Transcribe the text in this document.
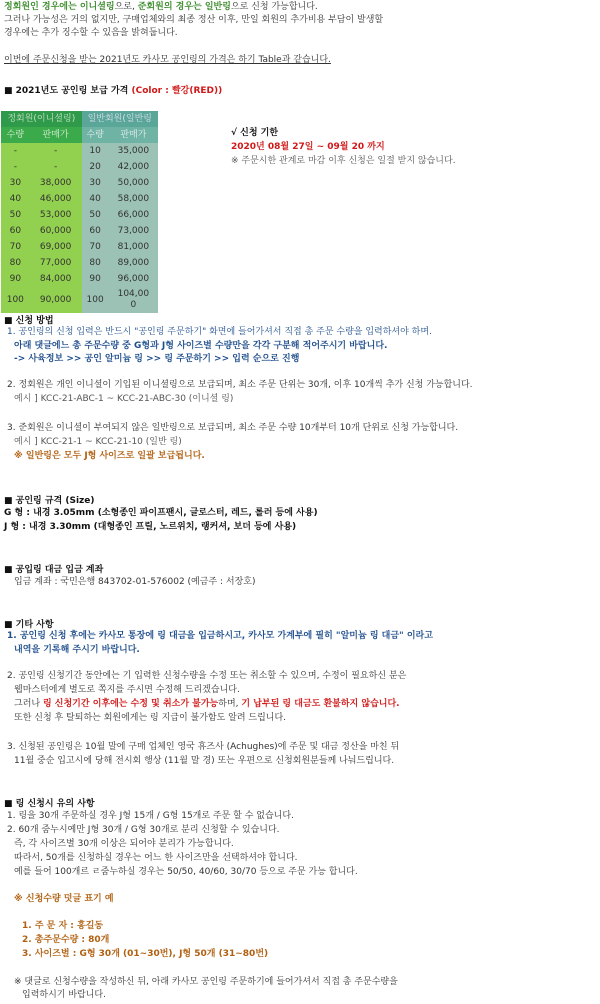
정회원인 경우에는 이니셜링으로, 준회원의 경우는 일반링으로 신청 가능합니다.
그러나 가능성은 거의 없지만, 구매업체와의 최종 정산 이후, 만일 회원의 추가비용 부담이 발생할
경우에는 추가 징수할 수 있음을 밝혀둡니다.
이번에 주문신청을 받는 2021년도 카사모 공인링의 가격은 하기 Table과 같습니다.
■ 2021년도 공인링 보급 가격 (Color : 빨강(RED))
정회원(이니셜링)		일반회원(일반링	
수량	판매가	수량	판매가
-	-	10	35,000
-	-	20	42,000
30	38,000	30	50,000
40	46,000	40	58,000
50	53,000	50	66,000
60	60,000	60	73,000
70	69,000	70	81,000
80	77,000	80	89,000
90	84,000	90	96,000
100	90,000	100	104,00
0
√ 신청 기한
2020년 08월 27일 ~ 09월 20 까지
※ 주문시한 관계로 마감 이후 신청은 일절 받지 않습니다.
■ 신청 방법
1. 공인링의 신청 입력은 반드시 "공인링 주문하기" 화면에 들어가셔서 직접 총 주문 수량을 입력하셔야 하며.
아래 댓글에느 총 주문수량 중 G형과 J형 사이즈별 수량만을 각각 구분해 적어주시기 바랍니다.
-> 사육정보 >> 공인 알미늄 링 >> 링 주문하기 >> 입력 순으로 진행
2. 정회원은 개인 이니셜이 기입된 이니셜링으로 보급되며, 최소 주문 단위는 30개, 이후 10개씩 추가 신청 가능합니다.
예시 ] KCC-21-ABC-1 ~ KCC-21-ABC-30 (이니셜 링)
3. 준회원은 이니셜이 부여되지 않은 일반링으로 보급되며, 최소 주문 수량 10개부터 10개 단위로 신청 가능합니다.
예시 ] KCC-21-1 ~ KCC-21-10 (일반 링)
※ 일반링은 모두 J형 사이즈로 일괄 보급됩니다.
■ 공인링 규격 (Size)
G 형 : 내경 3.05mm (소형종인 파이프팬시, 글로스터, 레드, 롤러 등에 사용)
J 형 : 내경 3.30mm (대형종인 프릴, 노르위치, 랭커셔, 보더 등에 사용)
■ 공입링 대금 입금 계좌
입금 계좌 : 국민은행 843702-01-576002 (예금주 : 서장호)
■ 기타 사항
1. 공인링 신청 후에는 카사모 통장에 링 대금을 입금하시고, 카사모 가계부에 필히 "알미늄 링 대금" 이라고
내역을 기록해 주시기 바랍니다.
2. 공인링 신청기간 동안에는 기 입력한 신청수량을 수정 또는 취소할 수 있으며, 수정이 필요하신 분은
웹마스터에게 별도로 쪽지를 주시면 수정해 드리겠습니다.
그러나 링 신청기간 이후에는 수정 및 취소가 불가능하며, 기 납부된 링 대금도 환불하지 않습니다.
또한 신청 후 탈퇴하는 회원에게는 링 지급이 불가함도 알려 드립니다.
3. 신청된 공인링은 10월 말에 구매 업체인 영국 휴즈사 (Achughes)에 주문 및 대금 정산을 마친 뒤
11월 중순 입고시에 당해 전시회 행상 (11월 말 경) 또는 우편으로 신청회원분들께 나눠드립니다.
■ 링 신청시 유의 사항
1. 링을 30개 주문하실 경우 J형 15개 / G형 15개로 주문 할 수 없습니다.
2. 60개 줌누시예만 J형 30개 / G형 30개로 분리 신청할 수 있습니다.
즉, 각 사이즈별 30개 이상은 되어야 분리가 가능합니다.
따라서, 50개를 신청하실 경우는 어느 한 사이즈만을 선택하셔야 합니다.
예를 들어 100개르 ㄹ줌누하실 경우는 50/50, 40/60, 30/70 등으로 주문 가능 합니다.
※ 신청수량 덧글 표기 예
1. 주 문 자 : 홍길동
2. 총주문수량 : 80개
3. 사이즈별 : G형 30개 (01~30번), J형 50개 (31~80번)
※ 댓글로 신청수량을 작성하신 뒤, 아래 카사모 공인링 주문하기에 들어가셔서 직접 총 주문수량을
입력하시기 바랍니다.
